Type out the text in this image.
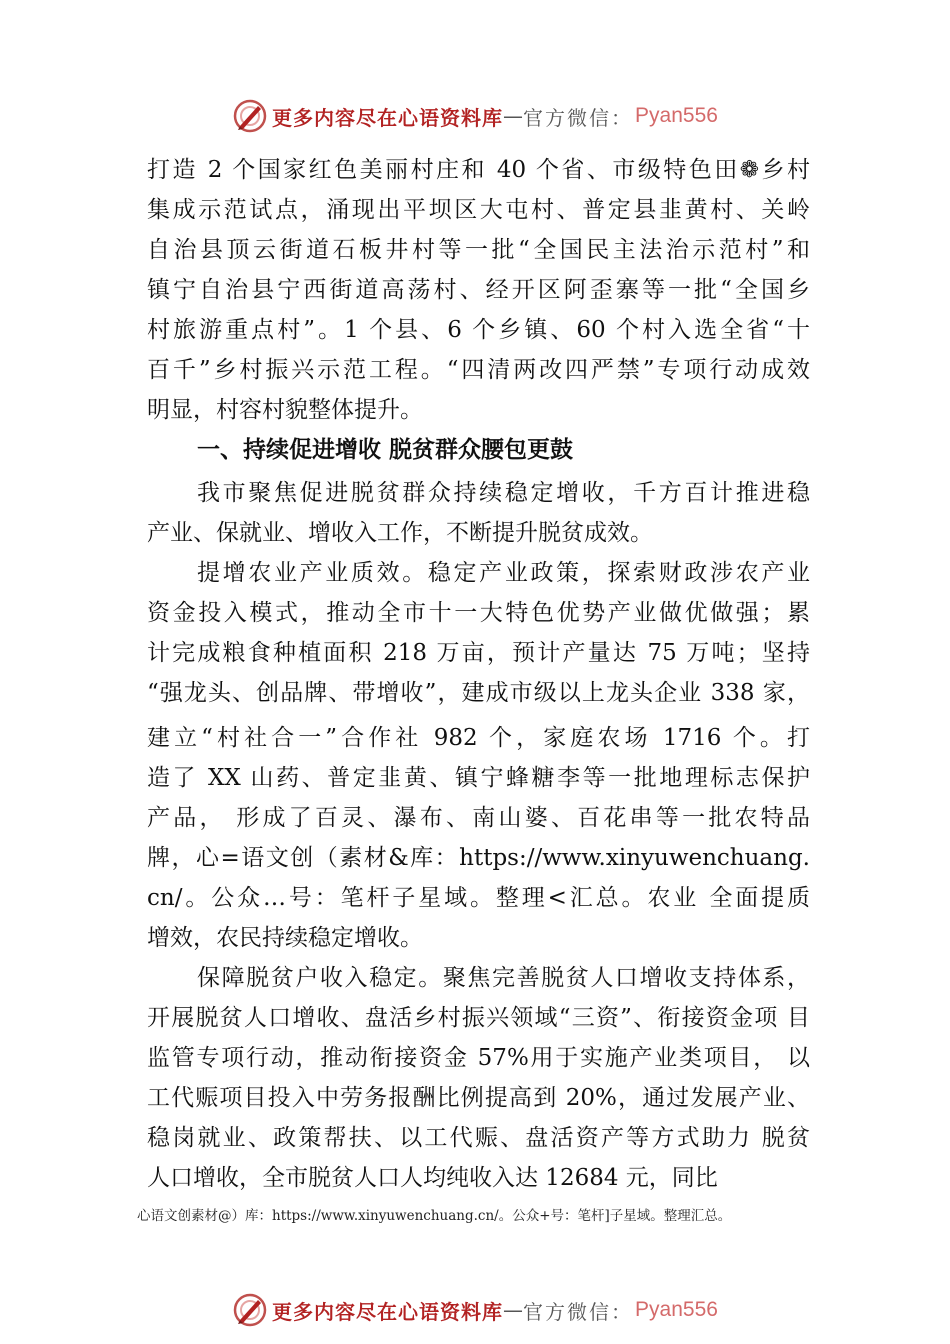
更多内容尽在心语资料库 — 官方微信 ： Pyan556
打造 2 个国家红色美丽村庄和 40 个省、市级特色田❁乡村
集成示范试点，涌现出平坝区大屯村、普定县韭黄村、关岭
自治县顶云街道石板井村等一批“全国民主法治示范村”和
镇宁自治县宁西街道高荡村、经开区阿歪寨等一批“全国乡
村旅游重点村”。1 个县、6 个乡镇、60 个村入选全省“十
百千”乡村振兴示范工程。“四清两改四严禁”专项行动成效
明显，村容村貌整体提升。
一、持续促进增收 脱贫群众腰包更鼓
我市聚焦促进脱贫群众持续稳定增收，千方百计推进稳
产业、保就业、增收入工作，不断提升脱贫成效。
提增农业产业质效。稳定产业政策，探索财政涉农产业
资金投入模式，推动全市十一大特色优势产业做优做强；累
计完成粮食种植面积 218 万亩，预计产量达 75 万吨；坚持
“强龙头、创品牌、带增收”，建成市级以上龙头企业 338 家，
建立“村社合一”合作社 982 个，家庭农场 1716 个。打
造了 XX 山药、普定韭黄、镇宁蜂糖李等一批地理标志保护
产品， 形成了百灵、瀑布、南山婆、百花串等一批农特品
牌，心=语文创（素材&库：https://www.xinyuwenchuang.
cn/。公众…号：笔杆子星域。整理<汇总。农业 全面提质
增效，农民持续稳定增收。
保障脱贫户收入稳定。聚焦完善脱贫人口增收支持体系，
开展脱贫人口增收、盘活乡村振兴领域“三资”、衔接资金项 目
监管专项行动，推动衔接资金 57%用于实施产业类项目， 以
工代赈项目投入中劳务报酬比例提高到 20%，通过发展产业、
稳岗就业、政策帮扶、以工代赈、盘活资产等方式助力 脱贫
人口增收，全市脱贫人口人均纯收入达 12684 元，同比
心语文创素材@）库：https://www.xinyuwenchuang.cn/。公众+号：笔杆]子星域。整理汇总。
更多内容尽在心语资料库 — 官方微信 ： Pyan556
